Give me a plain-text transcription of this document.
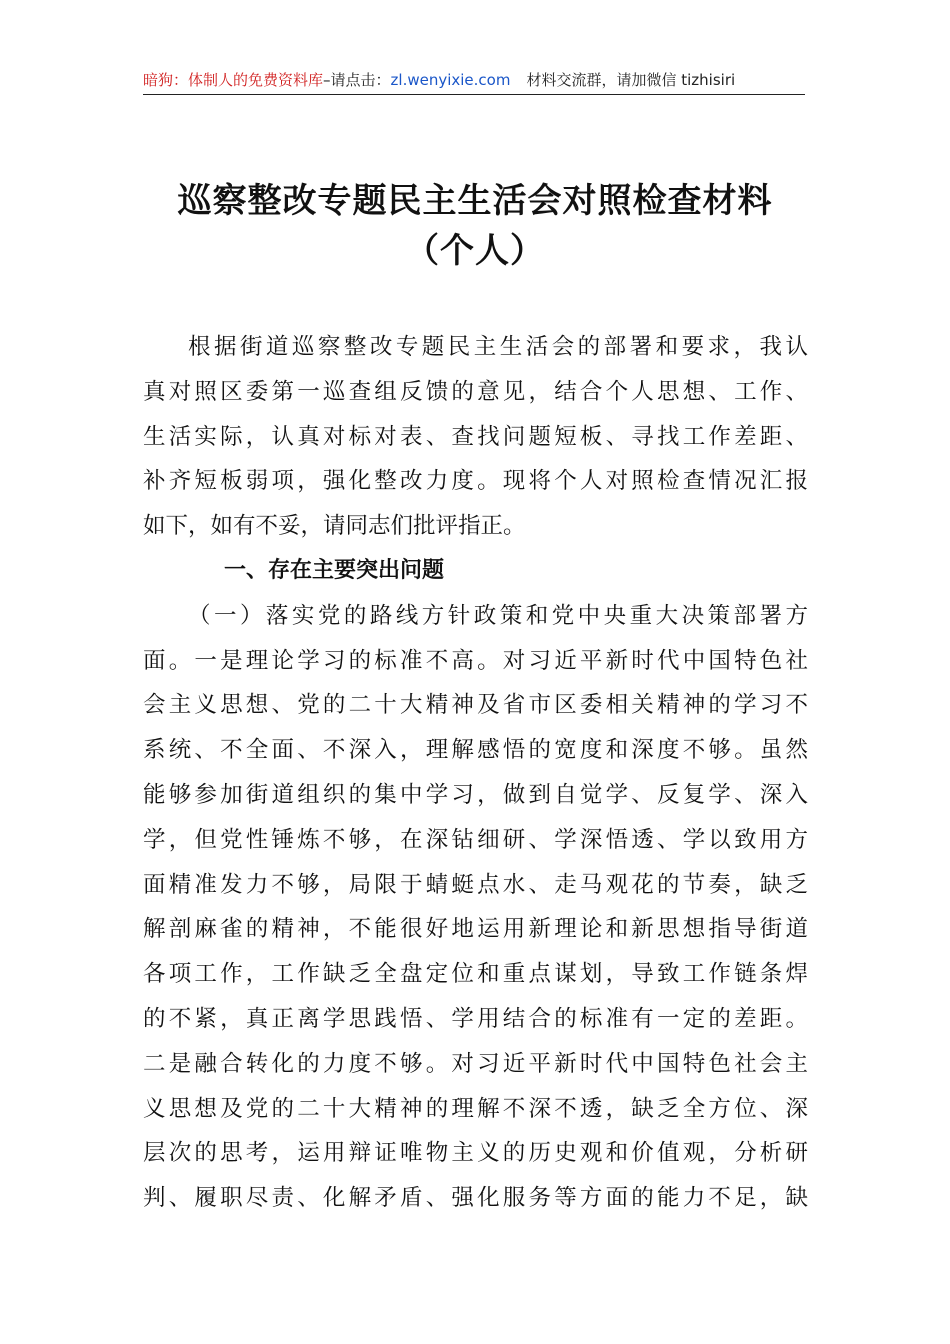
暗狗：体制人的免费资料库–请点击：zl.wenyixie.com 材料交流群，请加微信 tizhisiri
巡察整改专题民主生活会对照检查材料
（个人）
根据街道巡察整改专题民主生活会的部署和要求，我认
真对照区委第一巡查组反馈的意见，结合个人思想、工作、
生活实际，认真对标对表、查找问题短板、寻找工作差距、
补齐短板弱项，强化整改力度。现将个人对照检查情况汇报
如下，如有不妥，请同志们批评指正。
一、存在主要突出问题
（一）落实党的路线方针政策和党中央重大决策部署方
面。一是理论学习的标准不高。对习近平新时代中国特色社
会主义思想、党的二十大精神及省市区委相关精神的学习不
系统、不全面、不深入，理解感悟的宽度和深度不够。虽然
能够参加街道组织的集中学习，做到自觉学、反复学、深入
学，但党性锤炼不够，在深钻细研、学深悟透、学以致用方
面精准发力不够，局限于蜻蜓点水、走马观花的节奏，缺乏
解剖麻雀的精神，不能很好地运用新理论和新思想指导街道
各项工作，工作缺乏全盘定位和重点谋划，导致工作链条焊
的不紧，真正离学思践悟、学用结合的标准有一定的差距。
二是融合转化的力度不够。对习近平新时代中国特色社会主
义思想及党的二十大精神的理解不深不透，缺乏全方位、深
层次的思考，运用辩证唯物主义的历史观和价值观，分析研
判、履职尽责、化解矛盾、强化服务等方面的能力不足，缺
